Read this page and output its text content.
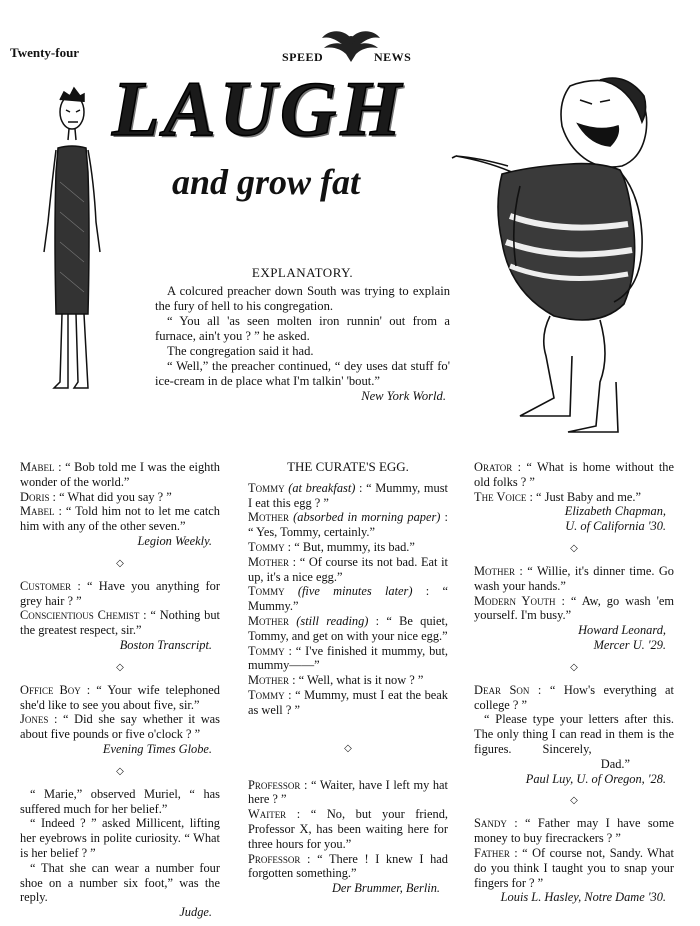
Twenty-four	SPEED	NEWS
LAUGH
and grow fat
EXPLANATORY.

A colcured preacher down South was trying to explain the fury of hell to his congregation.

“ You all 'as seen molten iron runnin' out from a furnace, ain't you ? ” he asked.

The congregation said it had.

“ Well,” the preacher continued, “ dey uses dat stuff fo' ice-cream in de place what I'm talkin' 'bout.”

New York World.

Mabel : “ Bob told me I was the eighth wonder of the world.”

Doris : “ What did you say ? ”

Mabel : “ Told him not to let me catch him with any of the other seven.”

Legion Weekly.

◇

Customer : “ Have you anything for grey hair ? ”

Conscientious Chemist : “ Nothing but the greatest respect, sir.”

Boston Transcript.

◇

Office Boy : “ Your wife telephoned she'd like to see you about five, sir.”

Jones : “ Did she say whether it was about five pounds or five o'clock ? ”

Evening Times Globe.

◇

“ Marie,” observed Muriel, “ has suffered much for her belief.”

“ Indeed ? ” asked Millicent, lifting her eyebrows in polite curiosity. “ What is her belief ? ”

“ That she can wear a number four shoe on a number six foot,” was the reply.

Judge.

THE CURATE'S EGG.

Tommy (at breakfast) : “ Mummy, must I eat this egg ? ”

Mother (absorbed in morning paper) : “ Yes, Tommy, certainly.”

Tommy : “ But, mummy, its bad.”

Mother : “ Of course its not bad. Eat it up, it's a nice egg.”

Tommy (five minutes later) : “ Mummy.”

Mother (still reading) : “ Be quiet, Tommy, and get on with your nice egg.”

Tommy : “ I've finished it mummy, but, mummy——”

Mother : “ Well, what is it now ? ”

Tommy : “ Mummy, must I eat the beak as well ? ”

◇

Professor : “ Waiter, have I left my hat here ? ”

Waiter : “ No, but your friend, Professor X, has been waiting here for three hours for you.”

Professor : “ There ! I knew I had forgotten something.”

Der Brummer, Berlin.

Orator : “ What is home without the old folks ? ”

The Voice : “ Just Baby and me.”

Elizabeth Chapman,

U. of California '30.

◇

Mother : “ Willie, it's dinner time. Go wash your hands.”

Modern Youth : “ Aw, go wash 'em yourself. I'm busy.”

Howard Leonard,

Mercer U. '29.

◇

Dear Son : “ How's everything at college ? ”

“ Please type your letters after this. The only thing I can read in them is the figures.          Sincerely,

Dad.”

Paul Luy, U. of Oregon, '28.

◇

Sandy : “ Father may I have some money to buy firecrackers ? ”

Father : “ Of course not, Sandy. What do you think I taught you to snap your fingers for ? ”

Louis L. Hasley, Notre Dame '30.
